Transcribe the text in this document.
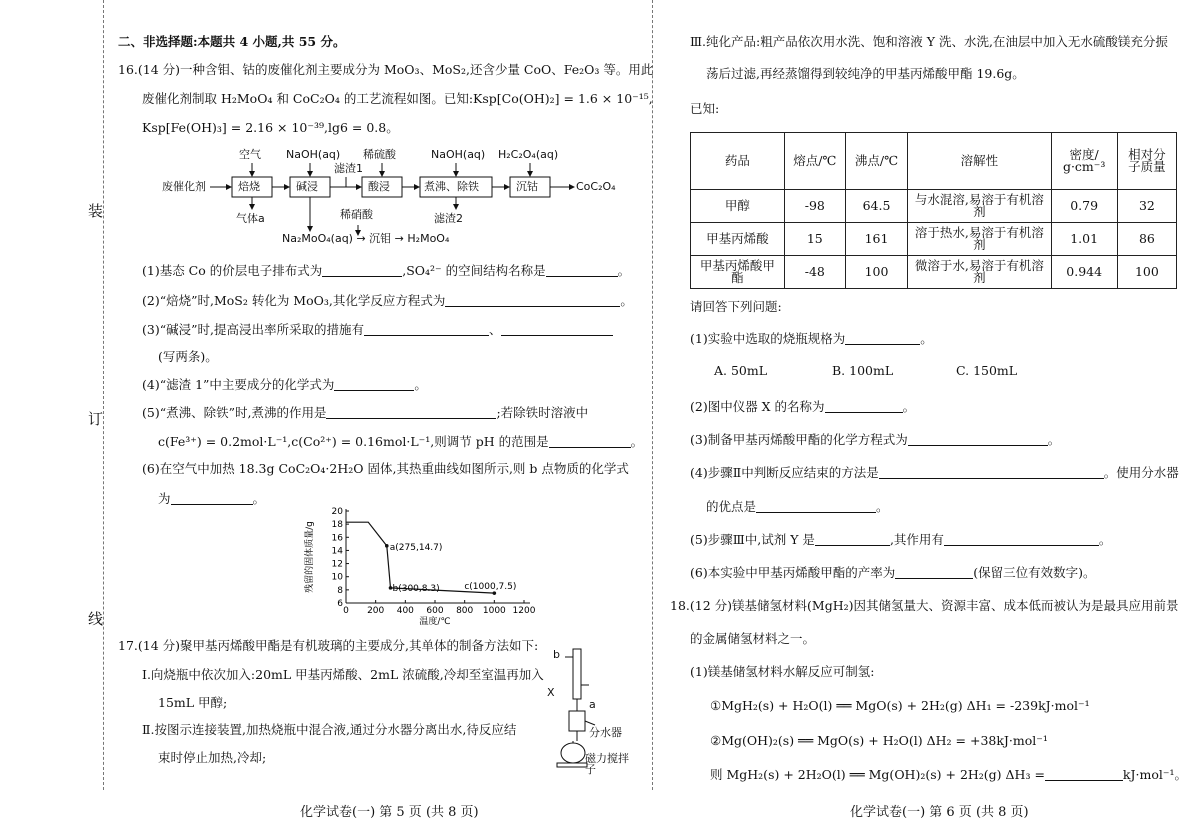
装
订
线
二、非选择题:本题共 4 小题,共 55 分。
16.(14 分)一种含钼、钴的废催化剂主要成分为 MoO₃、MoS₂,还含少量 CoO、Fe₂O₃ 等。用此
废催化剂制取 H₂MoO₄ 和 CoC₂O₄ 的工艺流程如图。已知:Ksp[Co(OH)₂] = 1.6 × 10⁻¹⁵,
Ksp[Fe(OH)₃] = 2.16 × 10⁻³⁹,lg6 = 0.8。
空气 NaOH(aq) 稀硫酸	NaOH(aq) H₂C₂O₄(aq)
废催化剂	焙烧	碱浸	酸浸	煮沸、除铁	沉钴	CoC₂O₄
滤渣1
气体a	滤渣2
稀硝酸
Na₂MoO₄(aq) → 沉钼 → H₂MoO₄
(1)基态 Co 的价层电子排布式为	,SO₄²⁻ 的空间结构名称是	。
(2)“焙烧”时,MoS₂ 转化为 MoO₃,其化学反应方程式为	。
(3)“碱浸”时,提高浸出率所采取的措施有	、
(写两条)。
(4)“滤渣 1”中主要成分的化学式为	。
(5)“煮沸、除铁”时,煮沸的作用是	;若除铁时溶液中
c(Fe³⁺) = 0.2mol·L⁻¹,c(Co²⁺) = 0.16mol·L⁻¹,则调节 pH 的范围是	。
(6)在空气中加热 18.3g CoC₂O₄·2H₂O 固体,其热重曲线如图所示,则 b 点物质的化学式
为	。
0 200 400 600 800 1000 1200
6
8
10
12
14
16
18
20
a(275,14.7)
b(300,8.3)	c(1000,7.5)
温度/℃
残留的固体质量/g
17.(14 分)聚甲基丙烯酸甲酯是有机玻璃的主要成分,其单体的制备方法如下:
Ⅰ.向烧瓶中依次加入:20mL 甲基丙烯酸、2mL 浓硫酸,冷却至室温再加入
15mL 甲醇;
Ⅱ.按图示连接装置,加热烧瓶中混合液,通过分水器分离出水,待反应结
束时停止加热,冷却;
b
X
a
分水器
磁力搅拌子
化学试卷(一) 第 5 页 (共 8 页)
Ⅲ.纯化产品:粗产品依次用水洗、饱和溶液 Y 洗、水洗,在油层中加入无水硫酸镁充分振
荡后过滤,再经蒸馏得到较纯净的甲基丙烯酸甲酯 19.6g。
已知:
药品	熔点/℃	沸点/℃	溶解性	密度/ g·cm⁻³	相对分 子质量
甲醇	-98	64.5	与水混溶,易溶于有机溶剂	0.79	32
甲基丙烯酸	15	161	溶于热水,易溶于有机溶剂	1.01	86
甲基丙烯酸甲酯	-48	100	微溶于水,易溶于有机溶剂	0.944	100
请回答下列问题:
(1)实验中选取的烧瓶规格为	。
A. 50mL	B. 100mL	C. 150mL
(2)图中仪器 X 的名称为	。
(3)制备甲基丙烯酸甲酯的化学方程式为	。
(4)步骤Ⅱ中判断反应结束的方法是	。使用分水器
的优点是	。
(5)步骤Ⅲ中,试剂 Y 是	,其作用有	。
(6)本实验中甲基丙烯酸甲酯的产率为	(保留三位有效数字)。
18.(12 分)镁基储氢材料(MgH₂)因其储氢量大、资源丰富、成本低而被认为是最具应用前景
的金属储氢材料之一。
(1)镁基储氢材料水解反应可制氢:
①MgH₂(s) + H₂O(l) ══ MgO(s) + 2H₂(g) ΔH₁ = -239kJ·mol⁻¹
②Mg(OH)₂(s) ══ MgO(s) + H₂O(l) ΔH₂ = +38kJ·mol⁻¹
则 MgH₂(s) + 2H₂O(l) ══ Mg(OH)₂(s) + 2H₂(g) ΔH₃ =	kJ·mol⁻¹。
化学试卷(一) 第 6 页 (共 8 页)
